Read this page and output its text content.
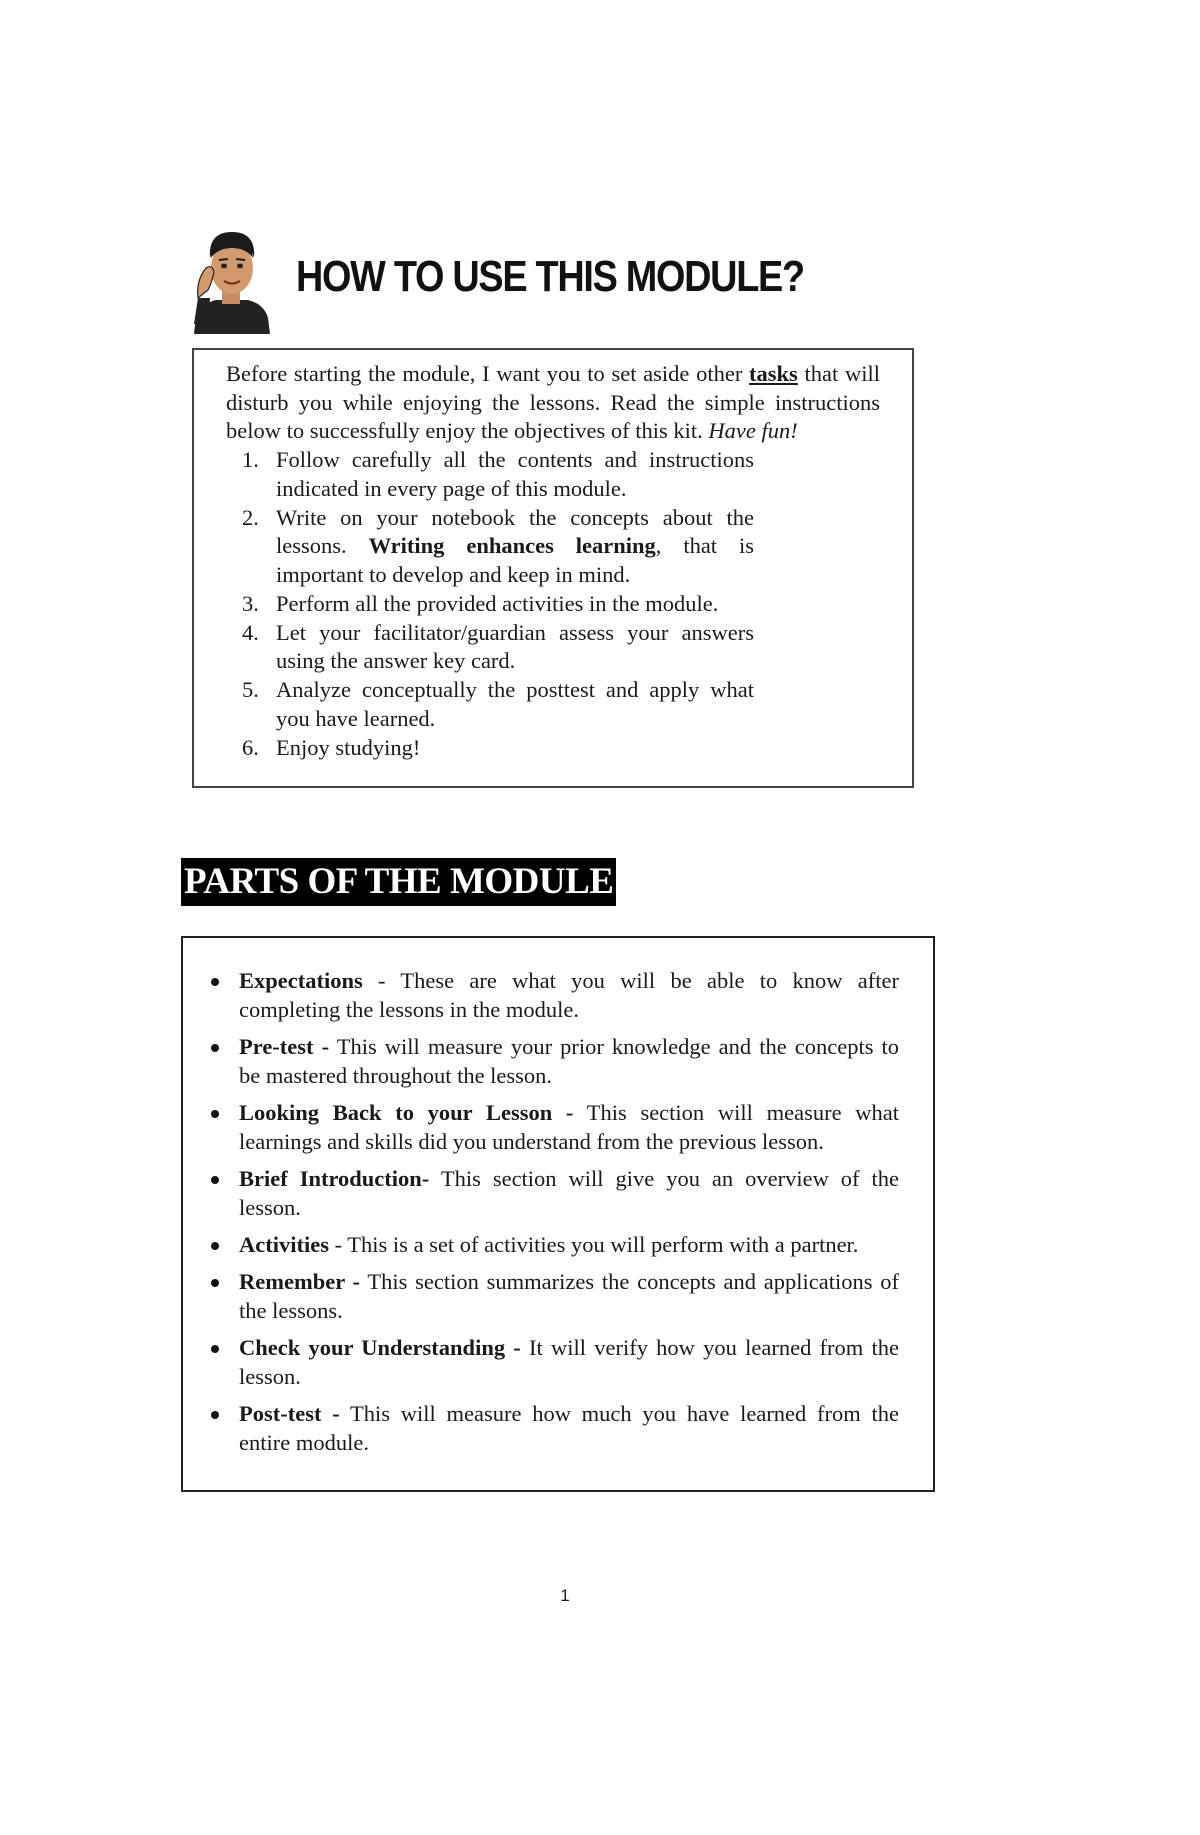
HOW TO USE THIS MODULE?

Before starting the module, I want you to set aside other tasks that will disturb you while enjoying the lessons. Read the simple instructions below to successfully enjoy the objectives of this kit. Have fun!

1. Follow carefully all the contents and instructions indicated in every page of this module.
2. Write on your notebook the concepts about the lessons. Writing enhances learning, that is important to develop and keep in mind.
3. Perform all the provided activities in the module.
4. Let your facilitator/guardian assess your answers using the answer key card.
5. Analyze conceptually the posttest and apply what you have learned.
6. Enjoy studying!
PARTS OF THE MODULE
Expectations - These are what you will be able to know after completing the lessons in the module.
Pre-test - This will measure your prior knowledge and the concepts to be mastered throughout the lesson.
Looking Back to your Lesson - This section will measure what learnings and skills did you understand from the previous lesson.
Brief Introduction- This section will give you an overview of the lesson.
Activities - This is a set of activities you will perform with a partner.
Remember - This section summarizes the concepts and applications of the lessons.
Check your Understanding - It will verify how you learned from the lesson.
Post-test - This will measure how much you have learned from the entire module.
1
